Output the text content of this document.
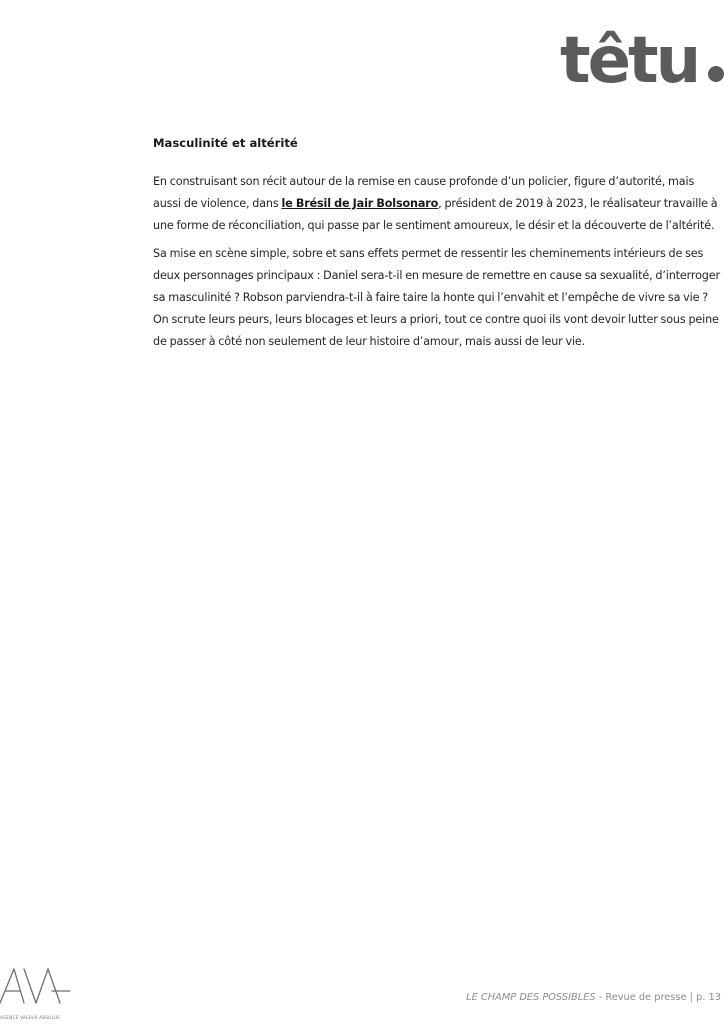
têtu
Masculinité et altérité

En construisant son récit autour de la remise en cause profonde d’un policier, figure d’autorité, mais aussi de violence, dans le Brésil de Jair Bolsonaro, président de 2019 à 2023, le réalisateur travaille à une forme de réconciliation, qui passe par le sentiment amoureux, le désir et la découverte de l’altérité.

Sa mise en scène simple, sobre et sans effets permet de ressentir les cheminements intérieurs de ses deux personnages principaux : Daniel sera-t-il en mesure de remettre en cause sa sexualité, d’interroger sa masculinité ? Robson parviendra-t-il à faire taire la honte qui l’envahit et l’empêche de vivre sa vie ? On scrute leurs peurs, leurs blocages et leurs a priori, tout ce contre quoi ils vont devoir lutter sous peine de passer à côté non seulement de leur histoire d’amour, mais aussi de leur vie.

AGENCE VALEUR ABSOLUE
LE CHAMP DES POSSIBLES - Revue de presse | p. 13
